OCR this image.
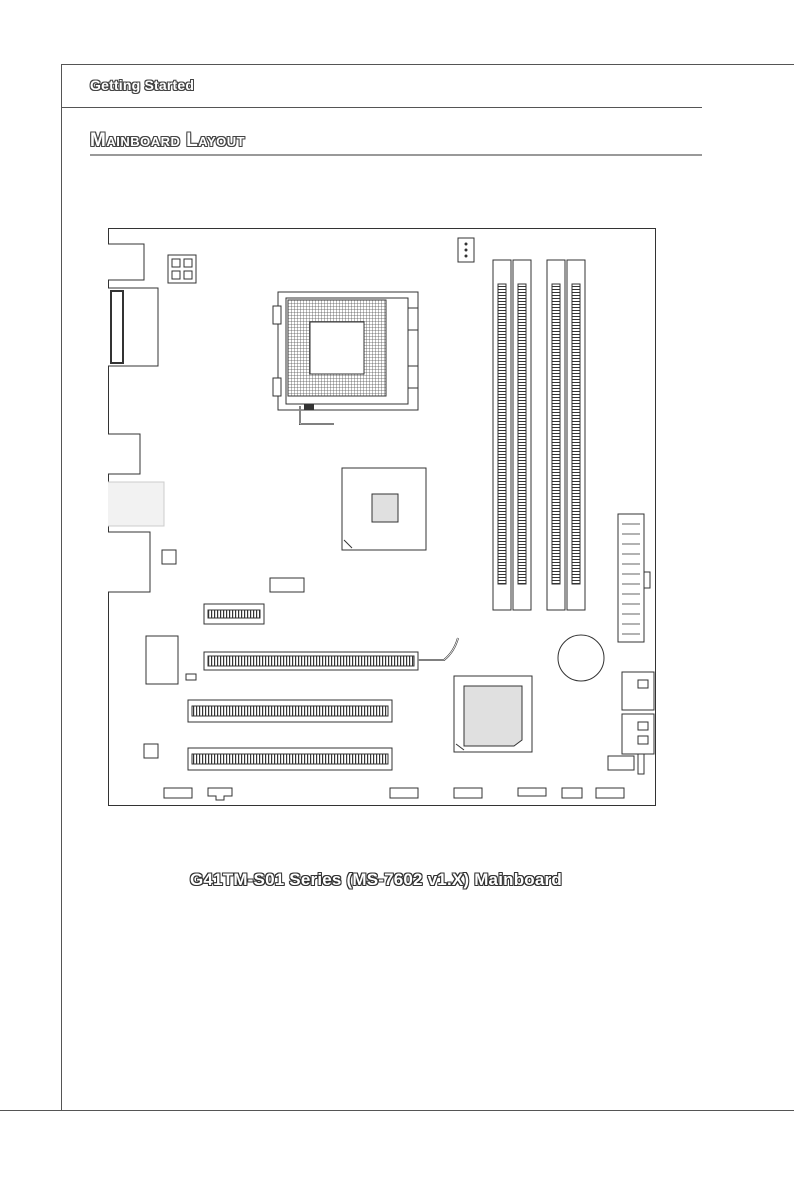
Getting Started
Mainboard Layout
G41TM-S01 Series (MS-7602 v1.X) Mainboard
